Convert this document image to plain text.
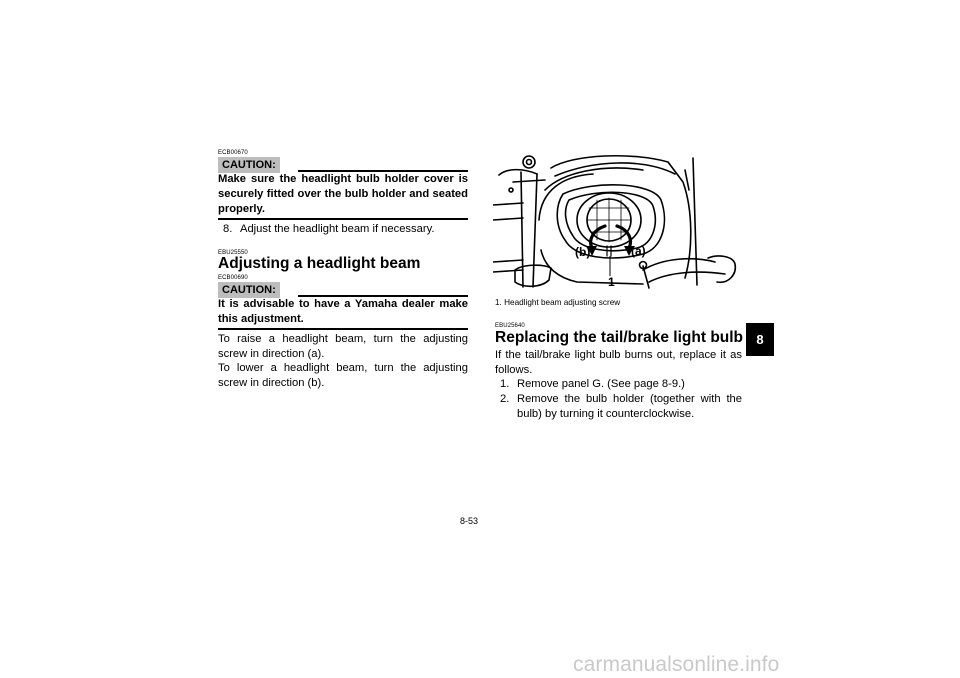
ECB00670
CAUTION:
Make sure the headlight bulb holder cover is securely fitted over the bulb holder and seated properly.
8. Adjust the headlight beam if necessary.
EBU25550
Adjusting a headlight beam
ECB00690
CAUTION:
It is advisable to have a Yamaha dealer make this adjustment.
To raise a headlight beam, turn the adjusting screw in direction (a).
To lower a headlight beam, turn the adjusting screw in direction (b).
(b)	(a)
1
1. Headlight beam adjusting screw
EBU25640
Replacing the tail/brake light bulb
If the tail/brake light bulb burns out, replace it as follows.
1. Remove panel G. (See page 8-9.)
2. Remove the bulb holder (together with the bulb) by turning it counterclockwise.
8
8-53
carmanualsonline.info
